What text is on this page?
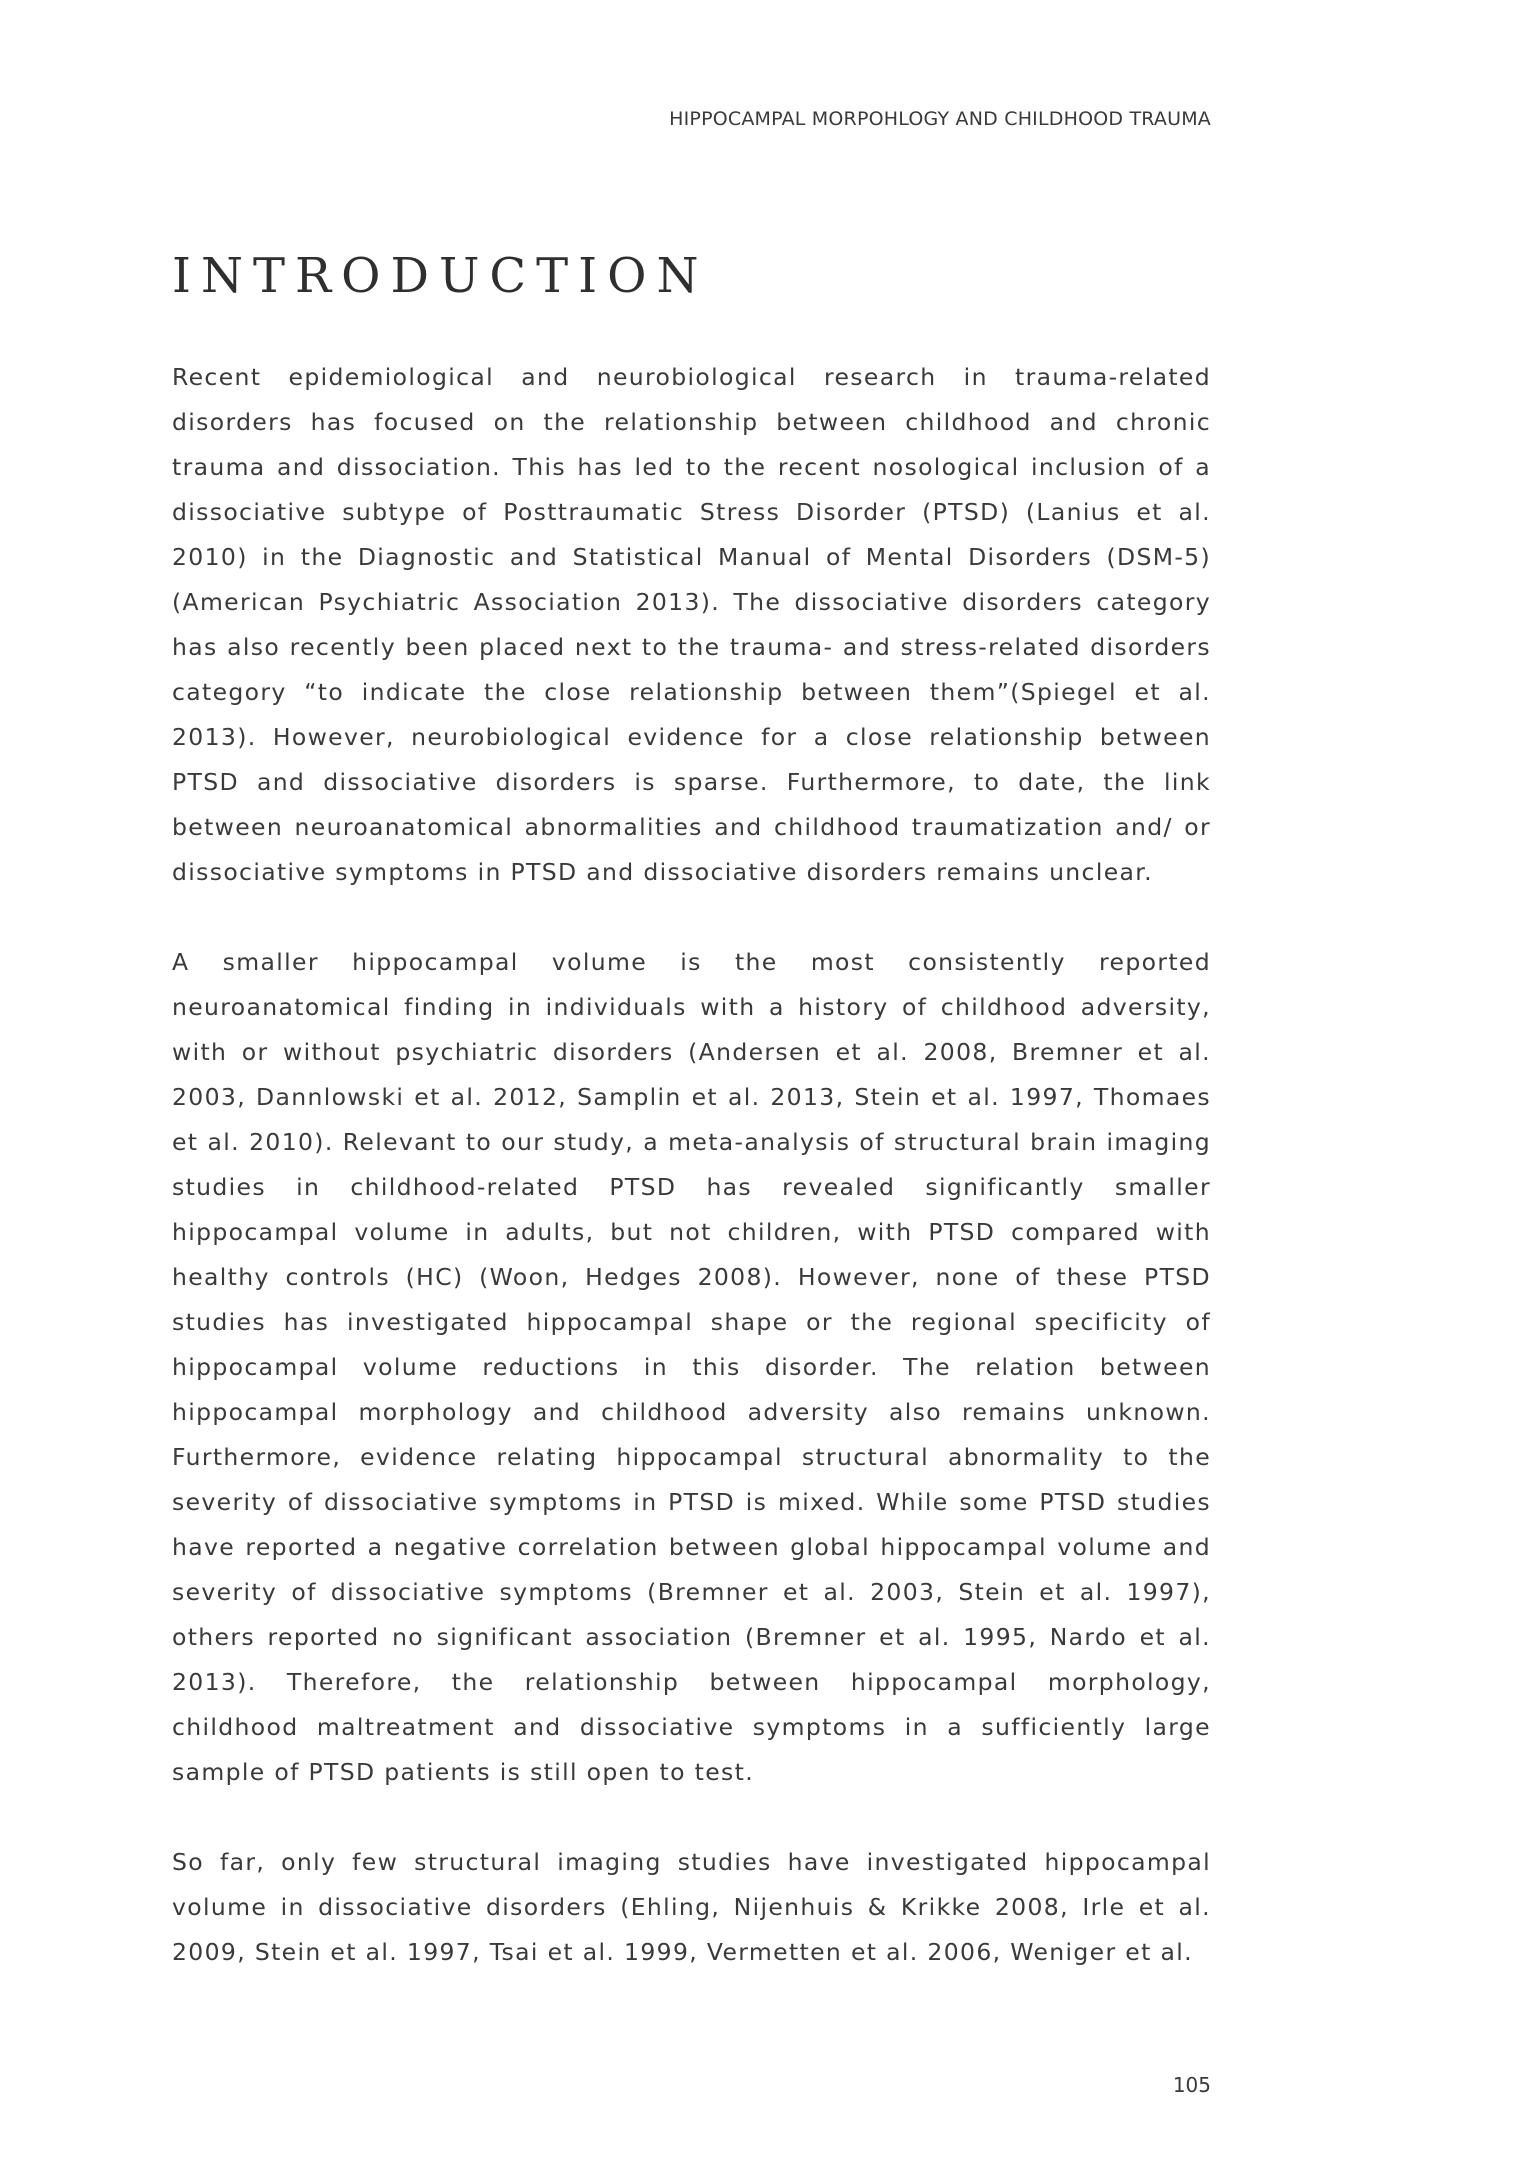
HIPPOCAMPAL MORPOHLOGY AND CHILDHOOD TRAUMA
INTRODUCTION

Recent epidemiological and neurobiological research in trauma-related disorders has focused on the relationship between childhood and chronic trauma and dissociation. This has led to the recent nosological inclusion of a dissociative subtype of Posttraumatic Stress Disorder (PTSD) (Lanius et al. 2010) in the Diagnostic and Statistical Manual of Mental Disorders (DSM-5) (American Psychiatric Association 2013). The dissociative disorders category has also recently been placed next to the trauma- and stress-related disorders category “to indicate the close relationship between them”(Spiegel et al. 2013). However, neurobiological evidence for a close relationship between PTSD and dissociative disorders is sparse. Furthermore, to date, the link between neuroanatomical abnormalities and childhood traumatization and/ or dissociative symptoms in PTSD and dissociative disorders remains unclear.

A smaller hippocampal volume is the most consistently reported neuroanatomical finding in individuals with a history of childhood adversity, with or without psychiatric disorders (Andersen et al. 2008, Bremner et al. 2003, Dannlowski et al. 2012, Samplin et al. 2013, Stein et al. 1997, Thomaes et al. 2010). Relevant to our study, a meta-analysis of structural brain imaging studies in childhood-related PTSD has revealed significantly smaller hippocampal volume in adults, but not children, with PTSD compared with healthy controls (HC) (Woon, Hedges 2008). However, none of these PTSD studies has investigated hippocampal shape or the regional specificity of hippocampal volume reductions in this disorder. The relation between hippocampal morphology and childhood adversity also remains unknown. Furthermore, evidence relating hippocampal structural abnormality to the severity of dissociative symptoms in PTSD is mixed. While some PTSD studies have reported a negative correlation between global hippocampal volume and severity of dissociative symptoms (Bremner et al. 2003, Stein et al. 1997), others reported no significant association (Bremner et al. 1995, Nardo et al. 2013). Therefore, the relationship between hippocampal morphology, childhood maltreatment and dissociative symptoms in a sufficiently large sample of PTSD patients is still open to test.

So far, only few structural imaging studies have investigated hippocampal volume in dissociative disorders (Ehling, Nijenhuis & Krikke 2008, Irle et al. 2009, Stein et al. 1997, Tsai et al. 1999, Vermetten et al. 2006, Weniger et al.

105
